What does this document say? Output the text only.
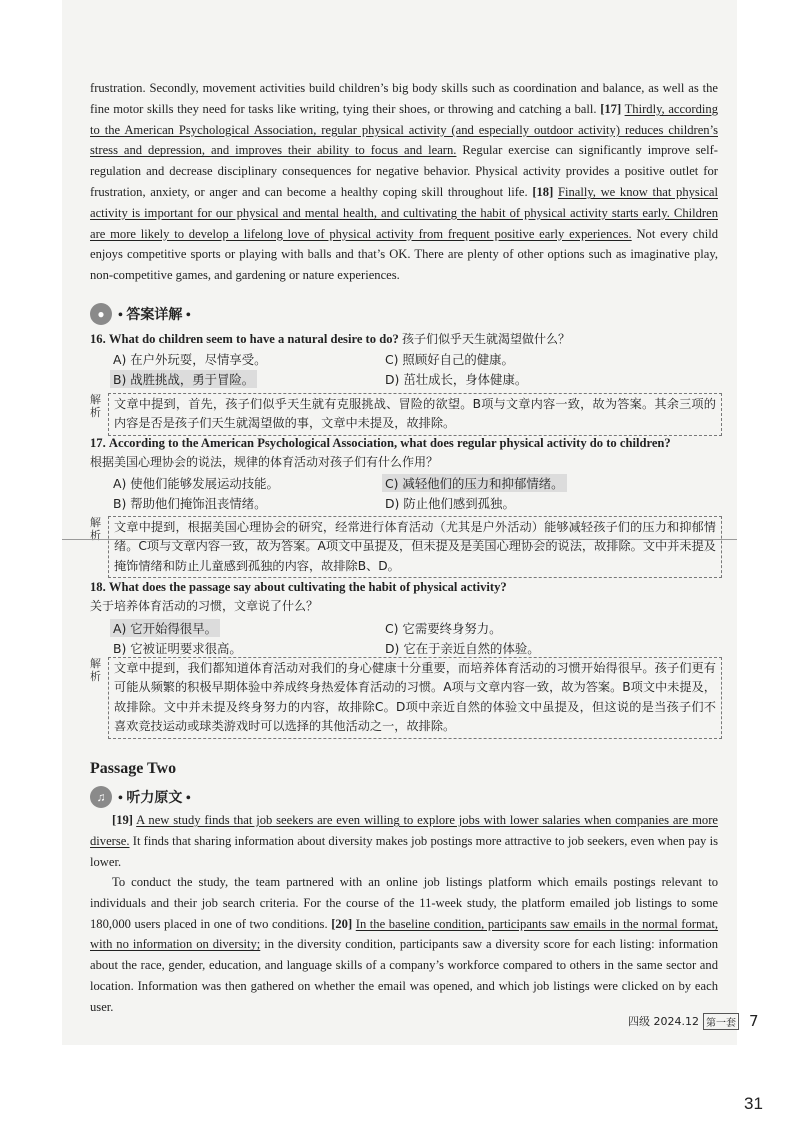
frustration. Secondly, movement activities build children’s big body skills such as coordination and balance, as well as the fine motor skills they need for tasks like writing, tying their shoes, or throwing and catching a ball. [17] Thirdly, according to the American Psychological Association, regular physical activity (and especially outdoor activity) reduces children’s stress and depression, and improves their ability to focus and learn. Regular exercise can significantly improve self-regulation and decrease disciplinary consequences for negative behavior. Physical activity provides a positive outlet for frustration, anxiety, or anger and can become a healthy coping skill throughout life. [18] Finally, we know that physical activity is important for our physical and mental health, and cultivating the habit of physical activity starts early. Children are more likely to develop a lifelong love of physical activity from frequent positive early experiences. Not every child enjoys competitive sports or playing with balls and that’s OK. There are plenty of other options such as imaginative play, non-competitive games, and gardening or nature experiences.
● • 答案详解 •
16. What do children seem to have a natural desire to do? 孩子们似乎天生就渴望做什么？
A) 在户外玩耍，尽情享受。	C) 照顾好自己的健康。
B) 战胜挑战，勇于冒险。	D) 茁壮成长，身体健康。
解析
文章中提到，首先，孩子们似乎天生就有克服挑战、冒险的欲望。B项与文章内容一致，故为答案。其余三项的内容是否是孩子们天生就渴望做的事，文章中未提及，故排除。
17. According to the American Psychological Association, what does regular physical activity do to children?
根据美国心理协会的说法，规律的体育活动对孩子们有什么作用？
A) 使他们能够发展运动技能。	C) 减轻他们的压力和抑郁情绪。
B) 帮助他们掩饰沮丧情绪。	D) 防止他们感到孤独。
解析
文章中提到，根据美国心理协会的研究，经常进行体育活动（尤其是户外活动）能够减轻孩子们的压力和抑郁情绪。C项与文章内容一致，故为答案。A项文中虽提及，但未提及是美国心理协会的说法，故排除。文中并未提及掩饰情绪和防止儿童感到孤独的内容，故排除B、D。
18. What does the passage say about cultivating the habit of physical activity?
关于培养体育活动的习惯，文章说了什么？
A) 它开始得很早。	C) 它需要终身努力。
B) 它被证明要求很高。	D) 它在于亲近自然的体验。
解析
文章中提到，我们都知道体育活动对我们的身心健康十分重要，而培养体育活动的习惯开始得很早。孩子们更有可能从频繁的积极早期体验中养成终身热爱体育活动的习惯。A项与文章内容一致，故为答案。B项文中未提及，故排除。文中并未提及终身努力的内容，故排除C。D项中亲近自然的体验文中虽提及，但这说的是当孩子们不喜欢竞技运动或球类游戏时可以选择的其他活动之一，故排除。
Passage Two
♫ • 听力原文 •
[19] A new study finds that job seekers are even willing to explore jobs with lower salaries when companies are more diverse. It finds that sharing information about diversity makes job postings more attractive to job seekers, even when pay is lower.
To conduct the study, the team partnered with an online job listings platform which emails postings relevant to individuals and their job search criteria. For the course of the 11-week study, the platform emailed job listings to some 180,000 users placed in one of two conditions. [20] In the baseline condition, participants saw emails in the normal format, with no information on diversity; in the diversity condition, participants saw a diversity score for each listing: information about the race, gender, education, and language skills of a company’s workforce compared to others in the same sector and location. Information was then gathered on whether the email was opened, and which job listings were clicked on by each user.
四级 2024.12 第一套 7
31
